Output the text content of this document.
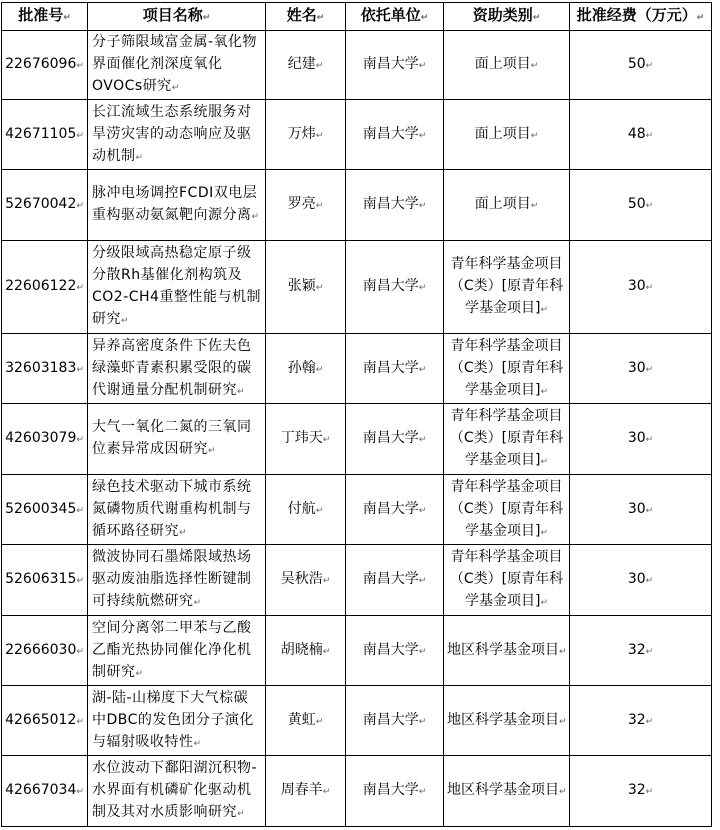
批准号↵	项目名称↵	姓名↵	依托单位↵	资助类别↵	批准经费（万元）↵
22676096↵	分子筛限域富金属-氧化物界面催化剂深度氧化OVOCs研究↵	纪建↵	南昌大学↵	面上项目↵	50↵
42671105↵	长江流域生态系统服务对旱涝灾害的动态响应及驱动机制↵	万炜↵	南昌大学↵	面上项目↵	48↵
52670042↵	脉冲电场调控FCDI双电层重构驱动氨氮靶向源分离↵	罗亮↵	南昌大学↵	面上项目↵	50↵
22606122↵	分级限域高热稳定原子级分散Rh基催化剂构筑及CO2-CH4重整性能与机制研究↵	张颖↵	南昌大学↵	青年科学基金项目（C类）[原青年科学基金项目]↵	30↵
32603183↵	异养高密度条件下佐夫色绿藻虾青素积累受限的碳代谢通量分配机制研究↵	孙翰↵	南昌大学↵	青年科学基金项目（C类）[原青年科学基金项目]↵	30↵
42603079↵	大气一氧化二氮的三氧同位素异常成因研究↵	丁玮天↵	南昌大学↵	青年科学基金项目（C类）[原青年科学基金项目]↵	30↵
52600345↵	绿色技术驱动下城市系统氮磷物质代谢重构机制与循环路径研究↵	付航↵	南昌大学↵	青年科学基金项目（C类）[原青年科学基金项目]↵	30↵
52606315↵	微波协同石墨烯限域热场驱动废油脂选择性断键制可持续航燃研究↵	吴秋浩↵	南昌大学↵	青年科学基金项目（C类）[原青年科学基金项目]↵	30↵
22666030↵	空间分离邻二甲苯与乙酸乙酯光热协同催化净化机制研究↵	胡晓楠↵	南昌大学↵	地区科学基金项目↵	32↵
42665012↵	湖-陆-山梯度下大气棕碳中DBC的发色团分子演化与辐射吸收特性↵	黄虹↵	南昌大学↵	地区科学基金项目↵	32↵
42667034↵	水位波动下鄱阳湖沉积物-水界面有机磷矿化驱动机制及其对水质影响研究↵	周春羊↵	南昌大学↵	地区科学基金项目↵	32↵
